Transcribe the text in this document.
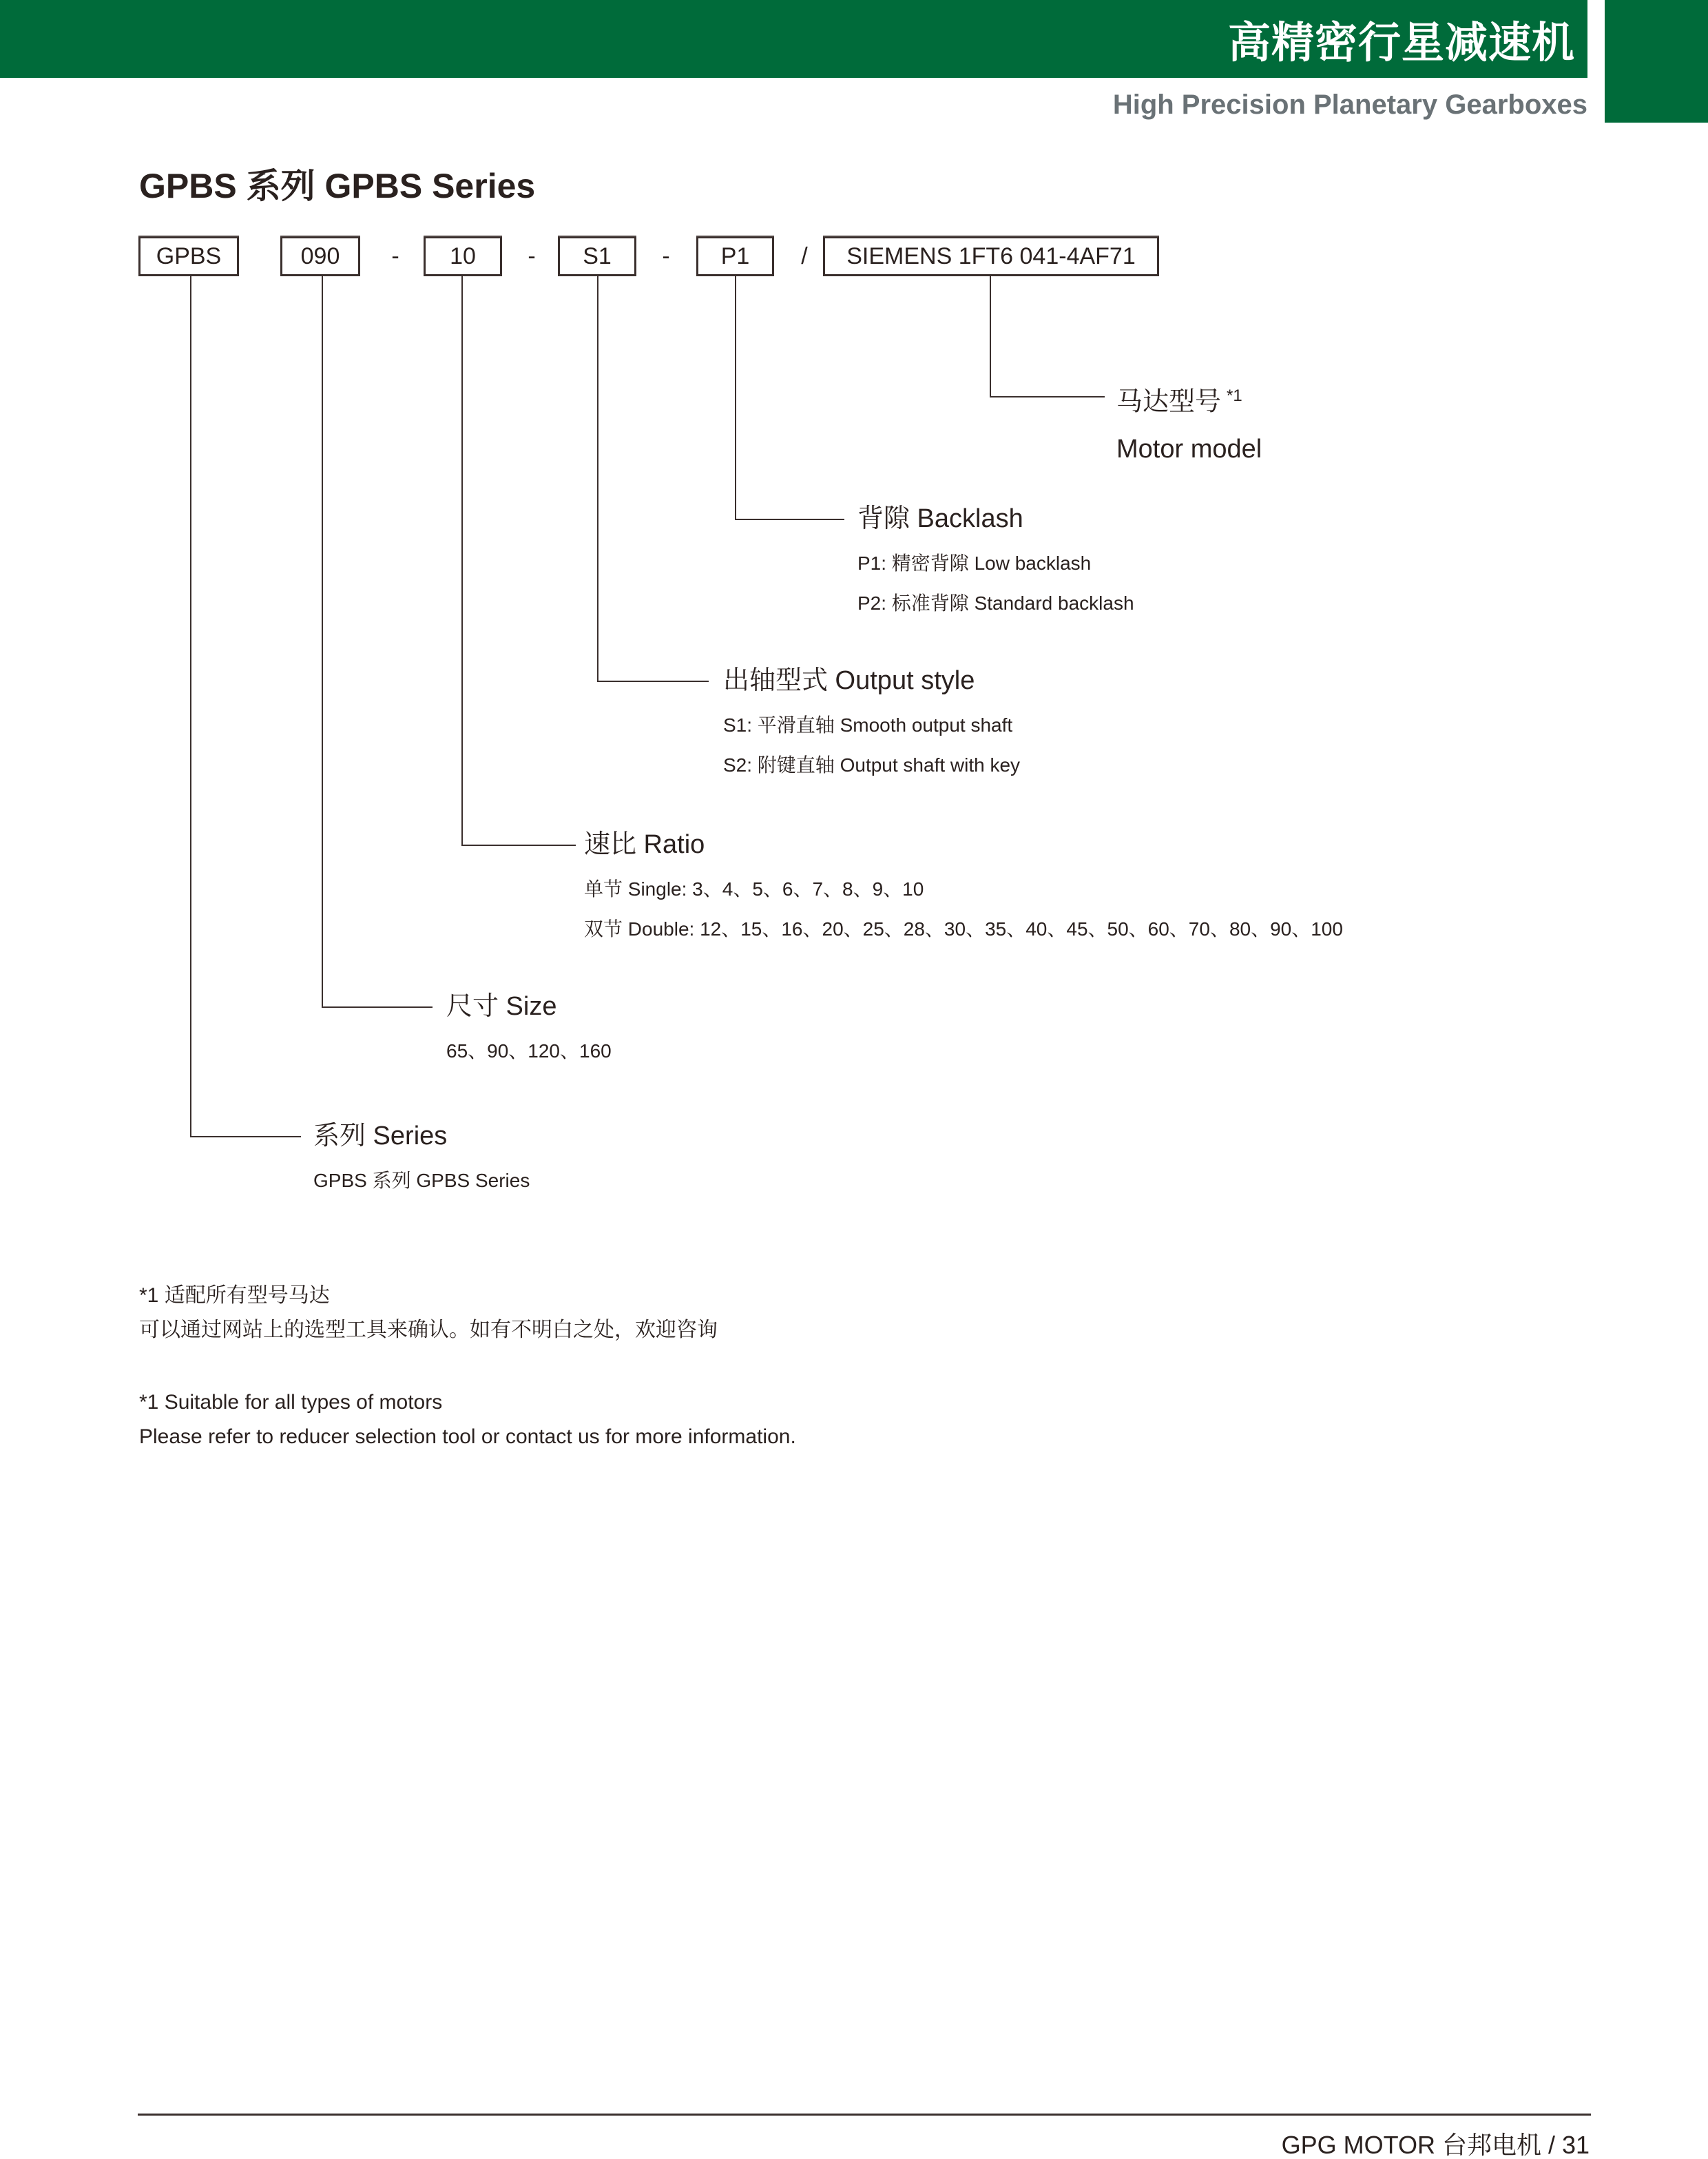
高精密行星减速机
High Precision Planetary Gearboxes
GPBS 系列 GPBS Series
GPBS	090	-	10	-	S1	-	P1	/	SIEMENS 1FT6 041-4AF71
马达型号 $^{*1}$
Motor model
背隙 Backlash
P1: 精密背隙 Low backlash
P2: 标准背隙 Standard backlash
出轴型式 Output style
S1: 平滑直轴 Smooth output shaft
S2: 附键直轴 Output shaft with key
速比 Ratio
单节 Single: 3、4、5、6、7、8、9、10
双节 Double: 12、15、16、20、25、28、30、35、40、45、50、60、70、80、90、100
尺寸 Size
65、90、120、160
系列 Series
GPBS 系列 GPBS Series
*1 适配所有型号马达
可以通过网站上的选型工具来确认。如有不明白之处，欢迎咨询
*1 Suitable for all types of motors
Please refer to reducer selection tool or contact us for more information.
GPG MOTOR 台邦电机 / 31
